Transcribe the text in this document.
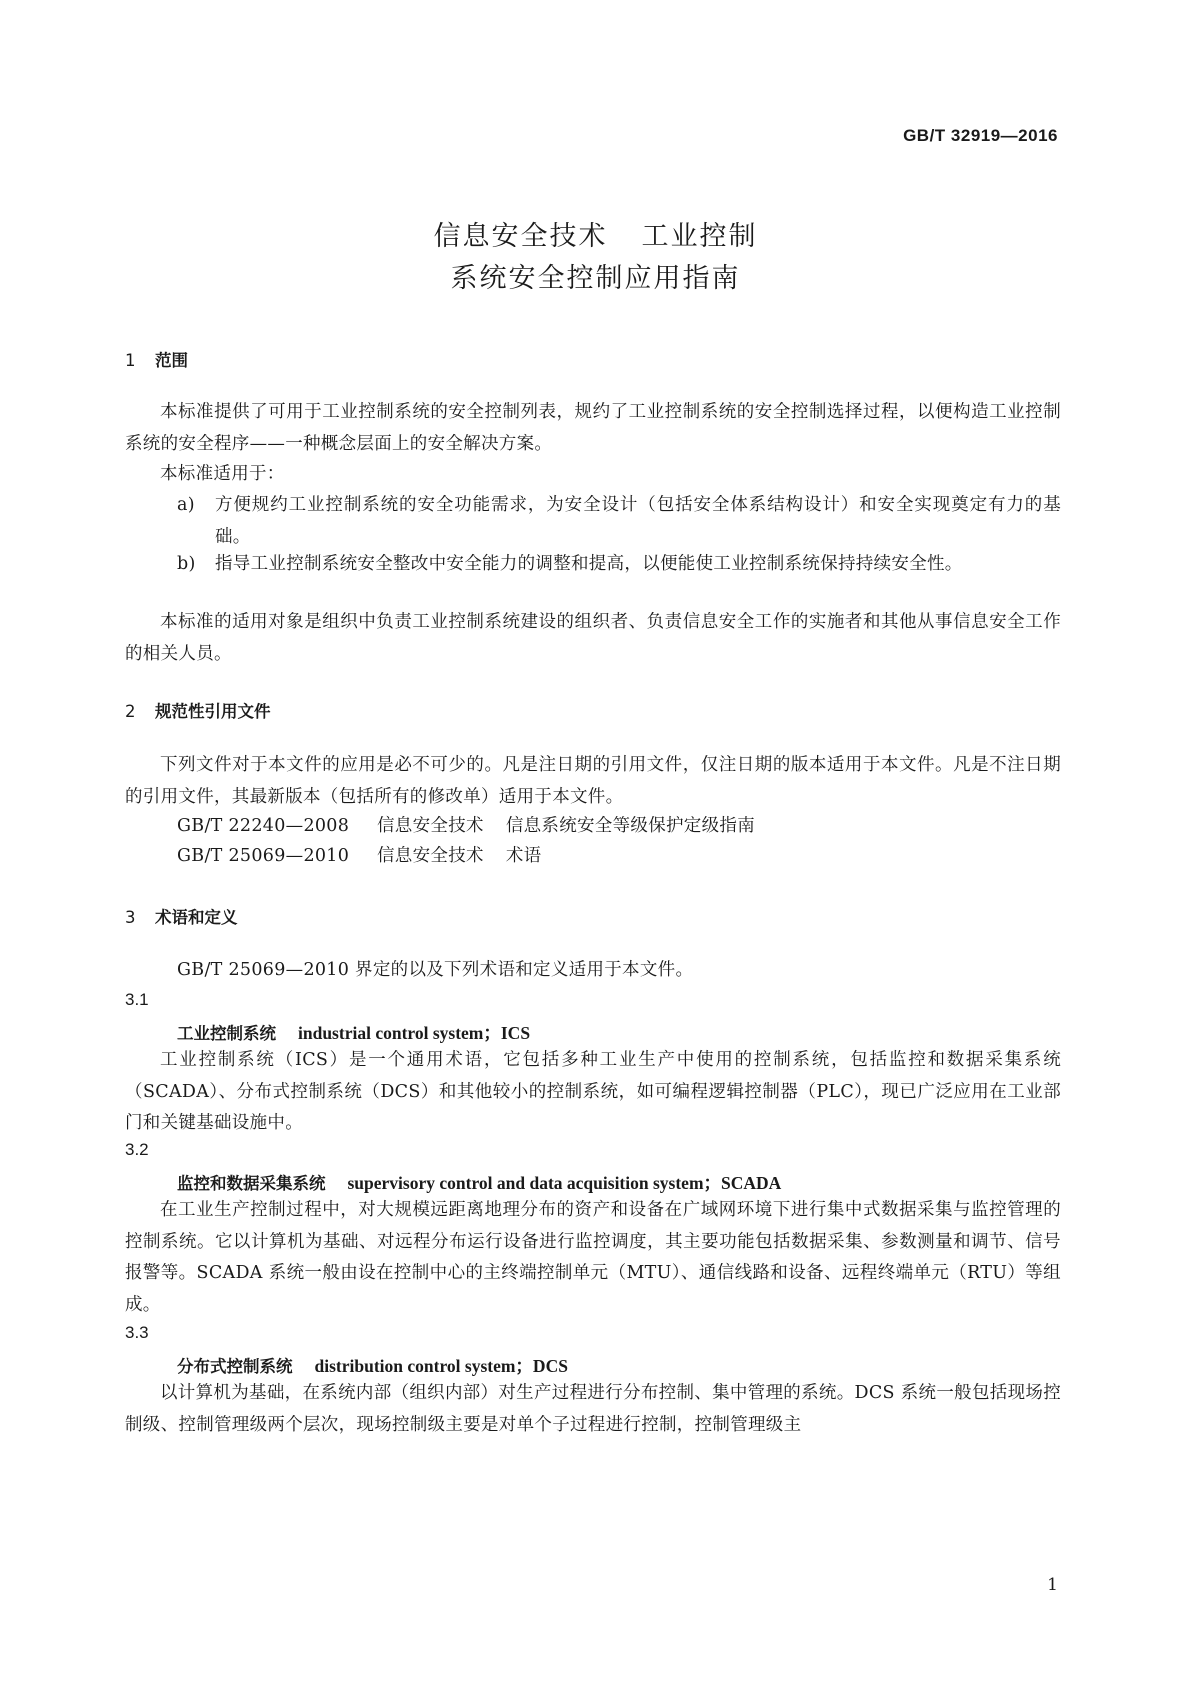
GB/T 32919—2016
信息安全技术 工业控制
系统安全控制应用指南
1 范围

本标准提供了可用于工业控制系统的安全控制列表，规约了工业控制系统的安全控制选择过程，以便构造工业控制系统的安全程序——一种概念层面上的安全解决方案。

本标准适用于：

a) 方便规约工业控制系统的安全功能需求，为安全设计（包括安全体系结构设计）和安全实现奠定有力的基础。
b) 指导工业控制系统安全整改中安全能力的调整和提高，以便能使工业控制系统保持持续安全性。

本标准的适用对象是组织中负责工业控制系统建设的组织者、负责信息安全工作的实施者和其他从事信息安全工作的相关人员。

2 规范性引用文件

下列文件对于本文件的应用是必不可少的。凡是注日期的引用文件，仅注日期的版本适用于本文件。凡是不注日期的引用文件，其最新版本（包括所有的修改单）适用于本文件。

GB/T 22240—2008 信息安全技术 信息系统安全等级保护定级指南
GB/T 25069—2010 信息安全技术 术语
3 术语和定义
GB/T 25069—2010 界定的以及下列术语和定义适用于本文件。
3.1
工业控制系统 industrial control system；ICS

工业控制系统（ICS）是一个通用术语，它包括多种工业生产中使用的控制系统，包括监控和数据采集系统（SCADA）、分布式控制系统（DCS）和其他较小的控制系统，如可编程逻辑控制器（PLC），现已广泛应用在工业部门和关键基础设施中。

3.2
监控和数据采集系统 supervisory control and data acquisition system；SCADA

在工业生产控制过程中，对大规模远距离地理分布的资产和设备在广域网环境下进行集中式数据采集与监控管理的控制系统。它以计算机为基础、对远程分布运行设备进行监控调度，其主要功能包括数据采集、参数测量和调节、信号报警等。SCADA 系统一般由设在控制中心的主终端控制单元（MTU）、通信线路和设备、远程终端单元（RTU）等组成。

3.3
分布式控制系统 distribution control system；DCS

以计算机为基础，在系统内部（组织内部）对生产过程进行分布控制、集中管理的系统。DCS 系统一般包括现场控制级、控制管理级两个层次，现场控制级主要是对单个子过程进行控制，控制管理级主

1
